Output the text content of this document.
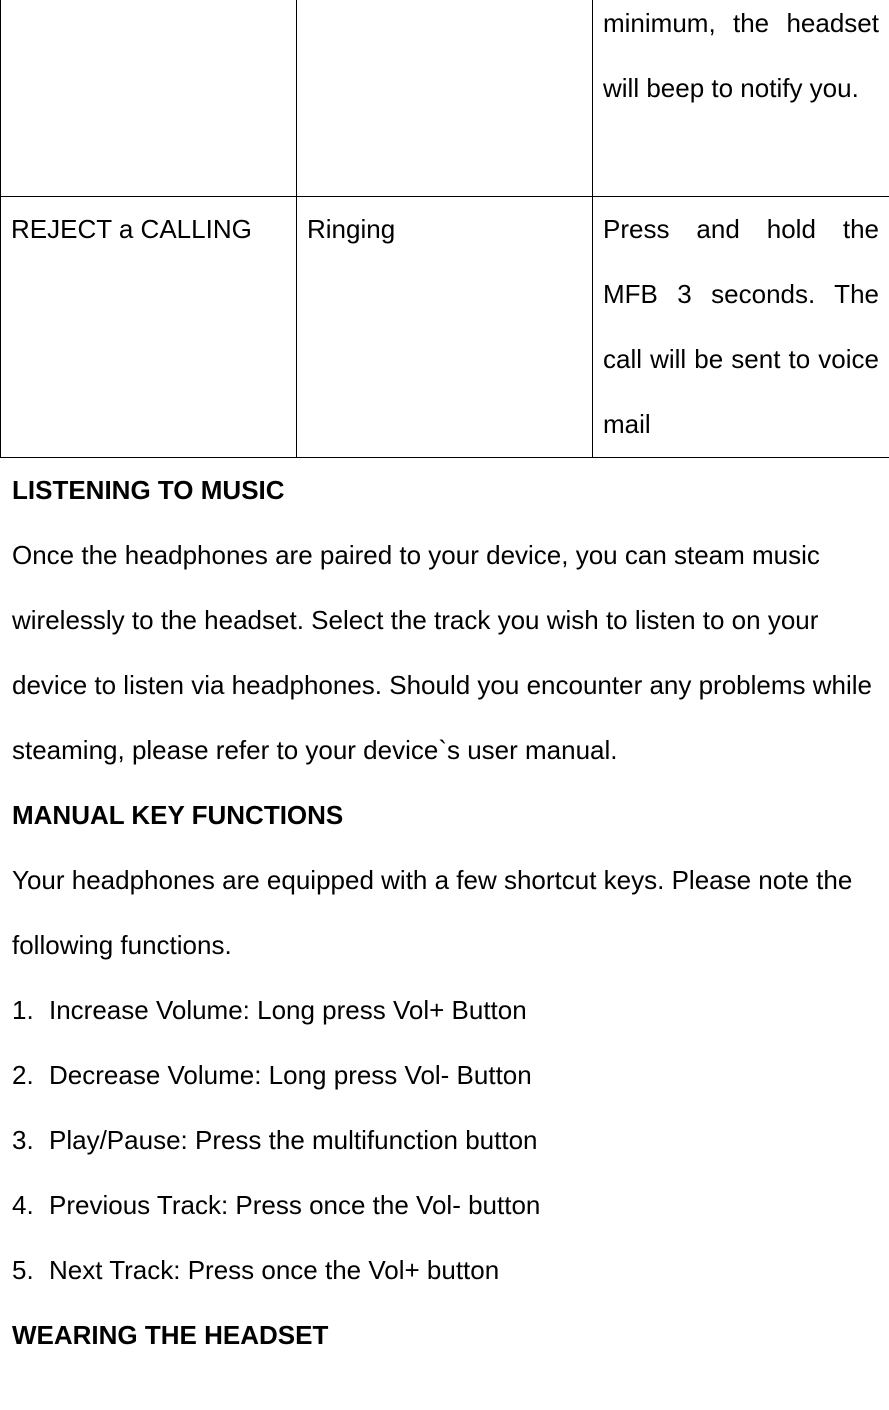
		minimum, the headset will beep to notify you.
REJECT a CALLING	Ringing	Press and hold the MFB 3 seconds. The call will be sent to voice mail

LISTENING TO MUSIC

Once the headphones are paired to your device, you can steam music wirelessly to the headset. Select the track you wish to listen to on your device to listen via headphones. Should you encounter any problems while steaming, please refer to your device`s user manual.

MANUAL KEY FUNCTIONS

Your headphones are equipped with a few shortcut keys. Please note the following functions.

1. Increase Volume: Long press Vol+ Button
2. Decrease Volume: Long press Vol- Button
3. Play/Pause: Press the multifunction button
4. Previous Track: Press once the Vol- button
5. Next Track: Press once the Vol+ button

WEARING THE HEADSET
